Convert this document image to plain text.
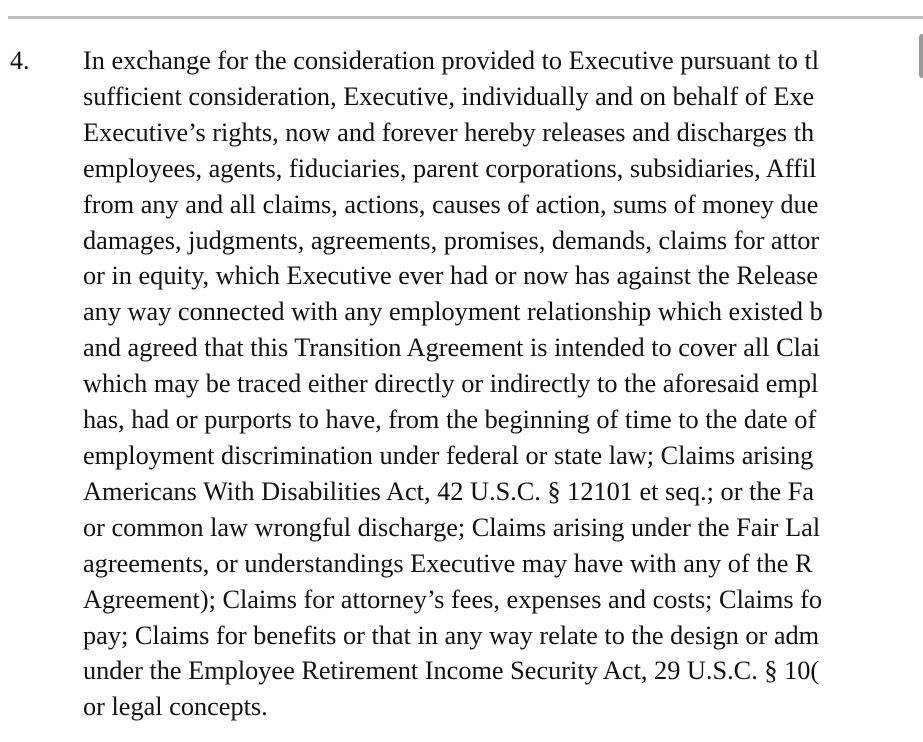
4. In exchange for the consideration provided to Executive pursuant to tl
sufficient consideration, Executive, individually and on behalf of Exe
Executive’s rights, now and forever hereby releases and discharges th
employees, agents, fiduciaries, parent corporations, subsidiaries, Affil
from any and all claims, actions, causes of action, sums of money due
damages, judgments, agreements, promises, demands, claims for attor
or in equity, which Executive ever had or now has against the Release
any way connected with any employment relationship which existed b
and agreed that this Transition Agreement is intended to cover all Clai
which may be traced either directly or indirectly to the aforesaid empl
has, had or purports to have, from the beginning of time to the date of
employment discrimination under federal or state law; Claims arising
Americans With Disabilities Act, 42 U.S.C. § 12101 et seq.; or the Fa
or common law wrongful discharge; Claims arising under the Fair Lal
agreements, or understandings Executive may have with any of the R
Agreement); Claims for attorney’s fees, expenses and costs; Claims fo
pay; Claims for benefits or that in any way relate to the design or adm
under the Employee Retirement Income Security Act, 29 U.S.C. § 10(
or legal concepts.
